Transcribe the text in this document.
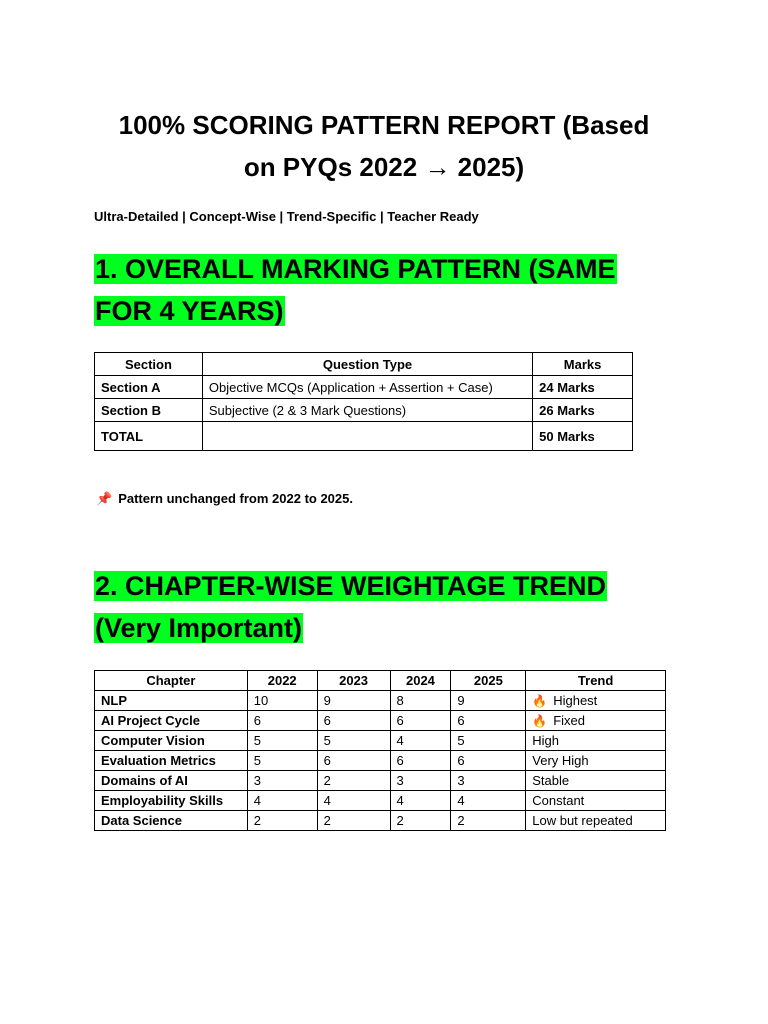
100% SCORING PATTERN REPORT (Based
on PYQs 2022 → 2025)
Ultra-Detailed | Concept-Wise | Trend-Specific | Teacher Ready
1. OVERALL MARKING PATTERN (SAME
FOR 4 YEARS)
Section	Question Type	Marks
Section A	Objective MCQs (Application + Assertion + Case)	24 Marks
Section B	Subjective (2 & 3 Mark Questions)	26 Marks
TOTAL		50 Marks
📌 Pattern unchanged from 2022 to 2025.
2. CHAPTER-WISE WEIGHTAGE TREND
(Very Important)
Chapter	2022	2023	2024	2025	Trend
NLP	10	9	8	9	🔥 Highest
AI Project Cycle	6	6	6	6	🔥 Fixed
Computer Vision	5	5	4	5	High
Evaluation Metrics	5	6	6	6	Very High
Domains of AI	3	2	3	3	Stable
Employability Skills	4	4	4	4	Constant
Data Science	2	2	2	2	Low but repeated
